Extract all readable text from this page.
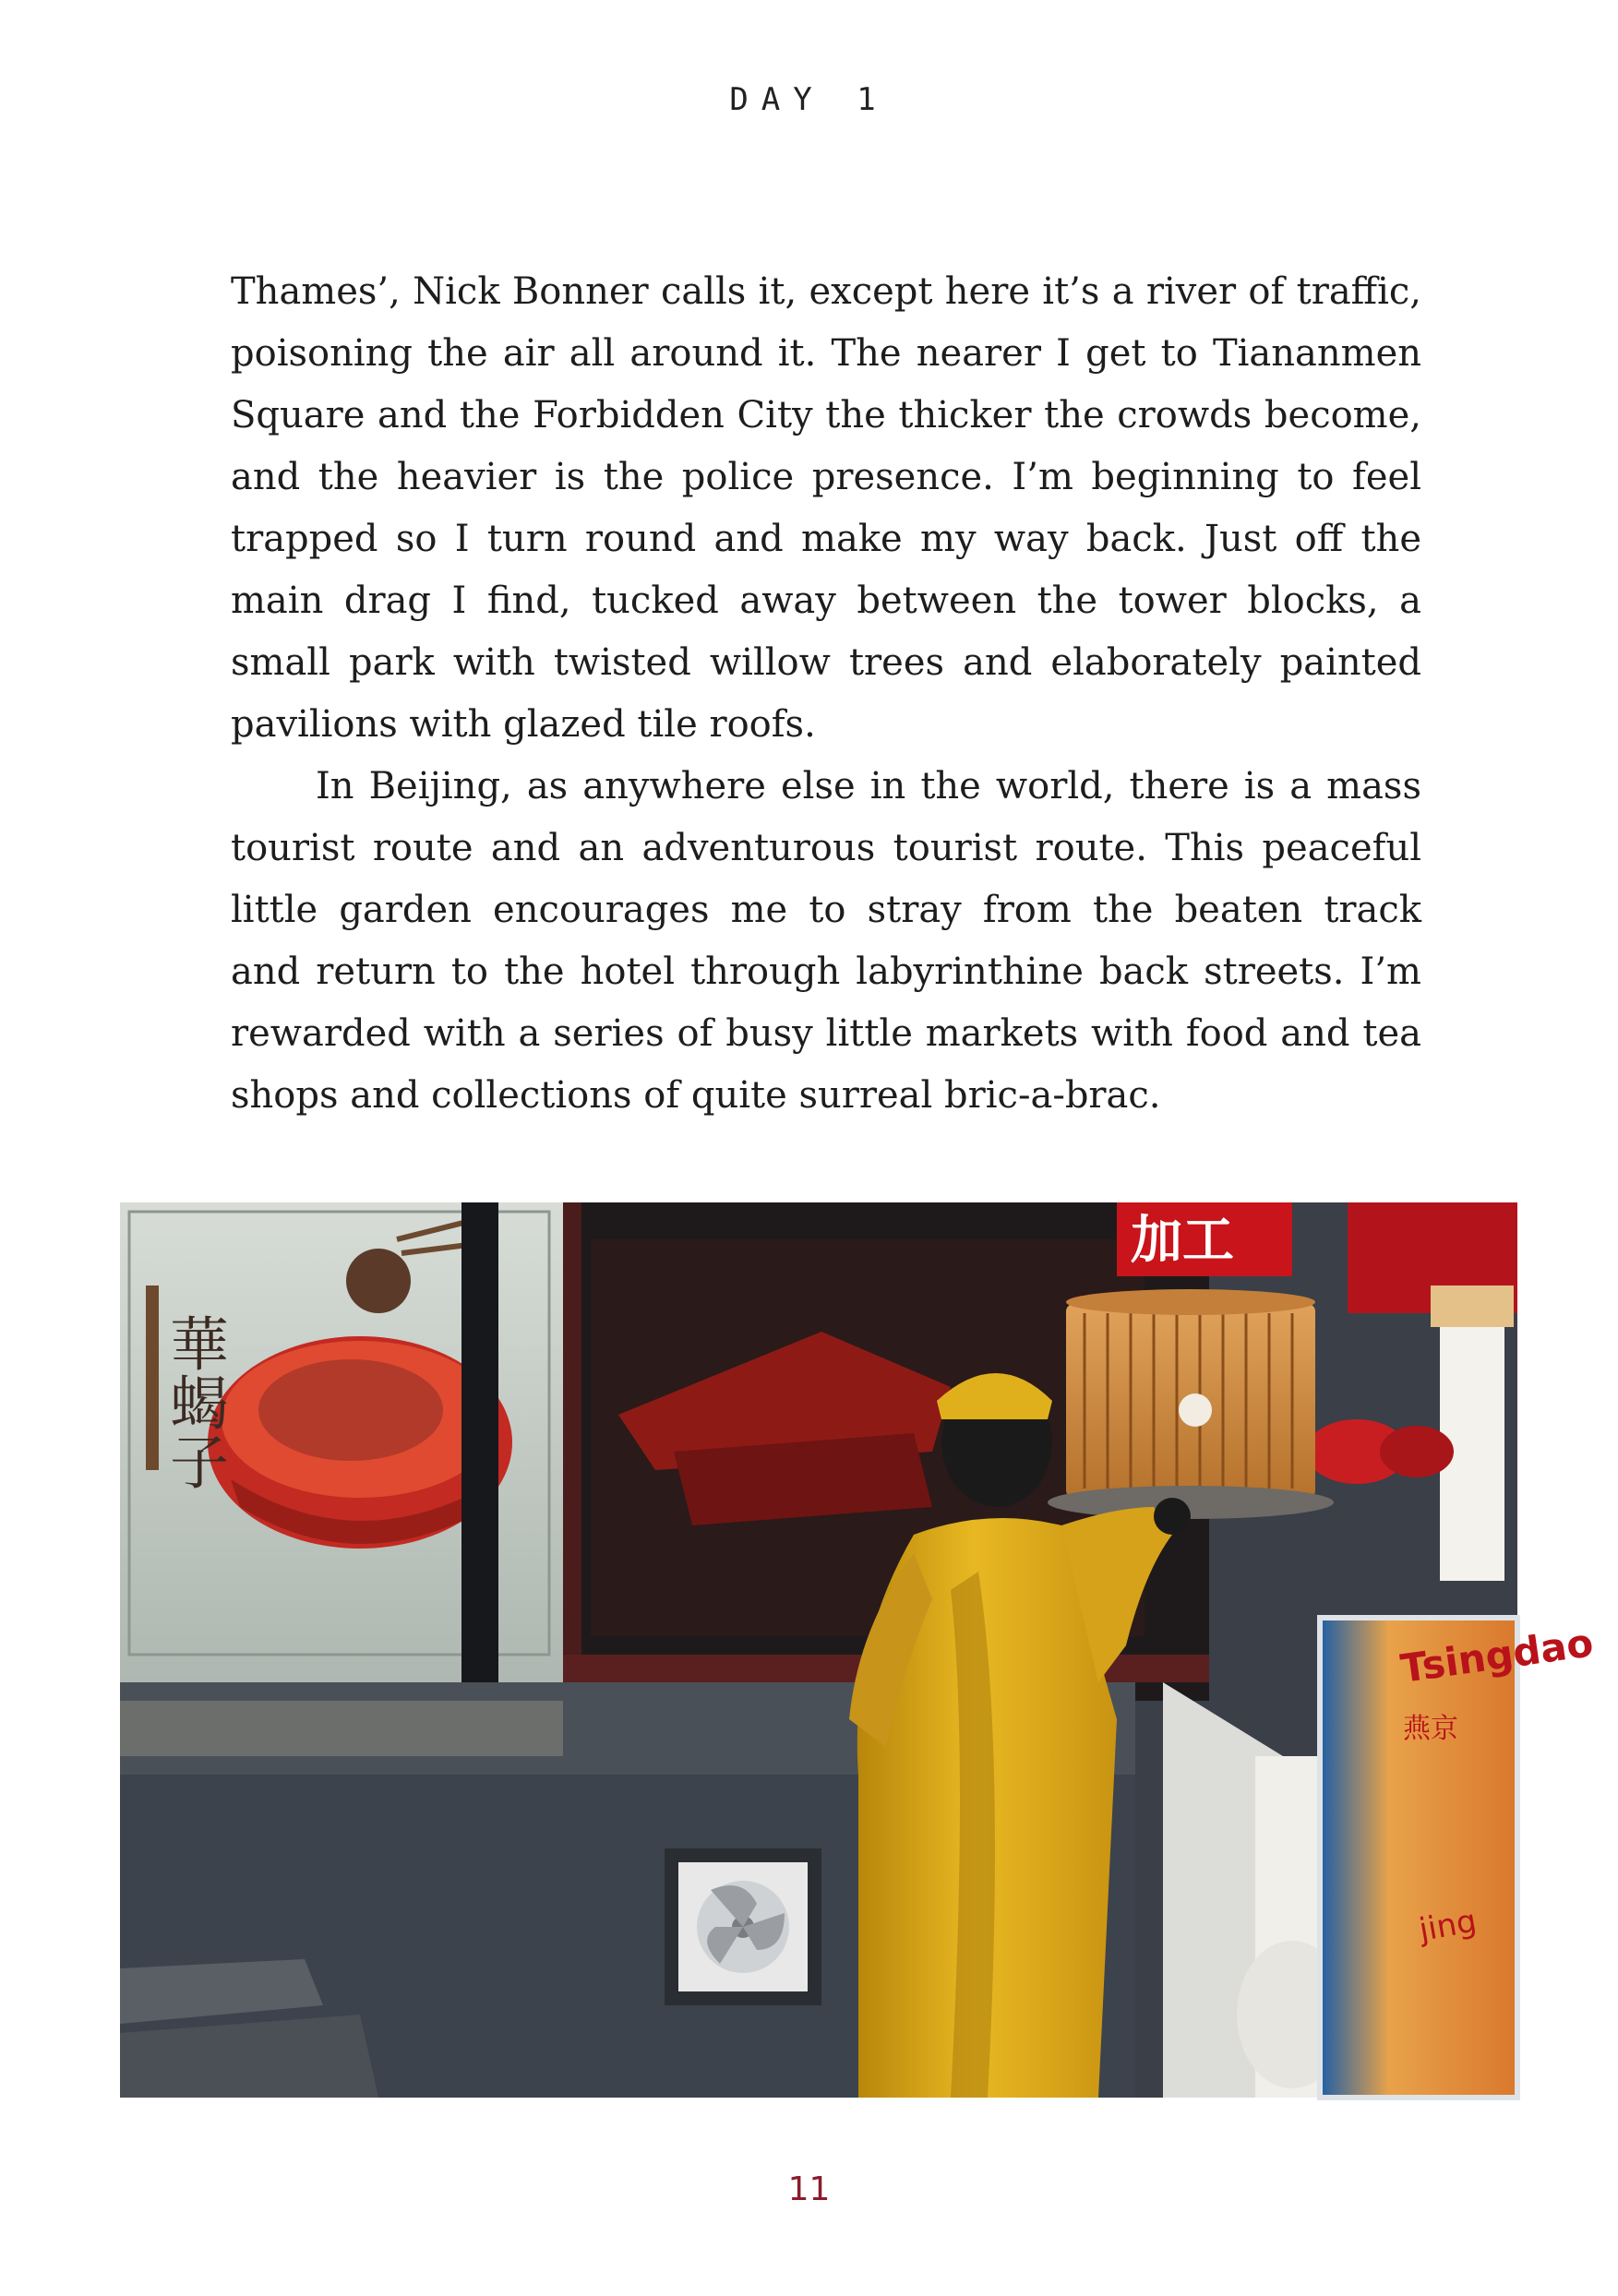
DAY 1
Thames’, Nick Bonner calls it, except here it’s a river of traffic,
poisoning the air all around it. The nearer I get to Tiananmen
Square and the Forbidden City the thicker the crowds become,
and the heavier is the police presence. I’m beginning to feel
trapped so I turn round and make my way back. Just off the
main drag I find, tucked away between the tower blocks, a
small park with twisted willow trees and elaborately painted
pavilions with glazed tile roofs.
In Beijing, as anywhere else in the world, there is a mass
tourist route and an adventurous tourist route. This peaceful
little garden encourages me to stray from the beaten track
and return to the hotel through labyrinthine back streets. I’m
rewarded with a series of busy little markets with food and tea
shops and collections of quite surreal bric-a-brac.
華蝎子
加工
Tsingdao
燕京
jing
11
